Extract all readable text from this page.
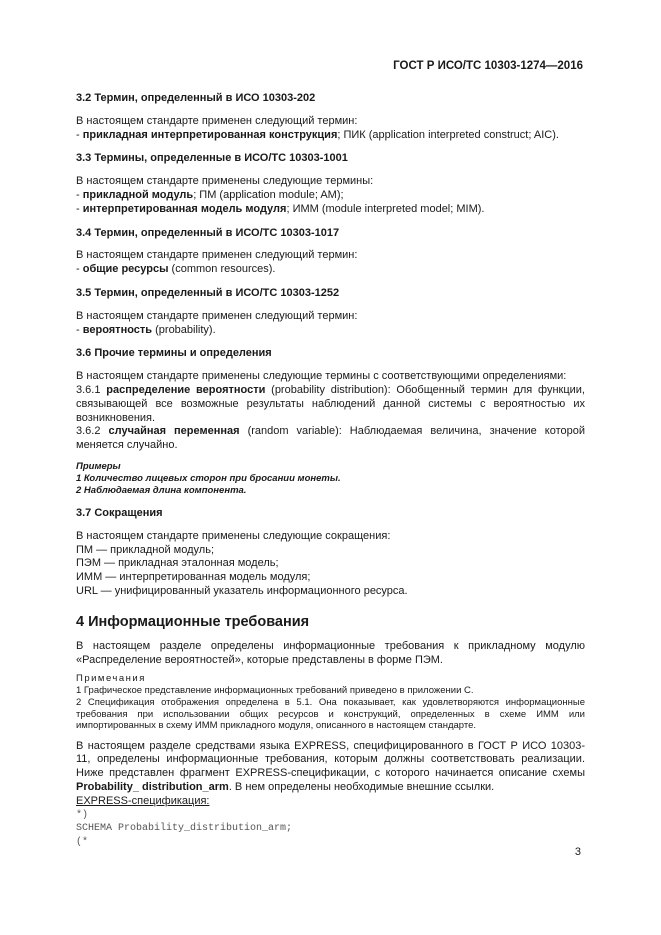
ГОСТ Р ИСО/ТС 10303-1274—2016

3.2 Термин, определенный в ИСО 10303-202

В настоящем стандарте применен следующий термин:

- прикладная интерпретированная конструкция; ПИК (application interpreted construct; AIC).

3.3 Термины, определенные в ИСО/ТС 10303-1001

В настоящем стандарте применены следующие термины:

- прикладной модуль; ПМ (application module; AM);

- интерпретированная модель модуля; ИММ (module interpreted model; MIM).

3.4 Термин, определенный в ИСО/ТС 10303-1017

В настоящем стандарте применен следующий термин:

- общие ресурсы (common resources).

3.5 Термин, определенный в ИСО/ТС 10303-1252

В настоящем стандарте применен следующий термин:

- вероятность (probability).

3.6 Прочие термины и определения

В настоящем стандарте применены следующие термины с соответствующими определениями:

3.6.1 распределение вероятности (probability distribution): Обобщенный термин для функции, связывающей все возможные результаты наблюдений данной системы с вероятностью их возникновения.

3.6.2 случайная переменная (random variable): Наблюдаемая величина, значение которой меняется случайно.

Примеры

1 Количество лицевых сторон при бросании монеты.

2 Наблюдаемая длина компонента.

3.7 Сокращения

В настоящем стандарте применены следующие сокращения:

ПМ — прикладной модуль;

ПЭМ — прикладная эталонная модель;

ИММ — интерпретированная модель модуля;

URL — унифицированный указатель информационного ресурса.

4 Информационные требования

В настоящем разделе определены информационные требования к прикладному модулю «Распределение вероятностей», которые представлены в форме ПЭМ.

Примечания

1 Графическое представление информационных требований приведено в приложении С.

2 Спецификация отображения определена в 5.1. Она показывает, как удовлетворяются информационные требования при использовании общих ресурсов и конструкций, определенных в схеме ИММ или импортированных в схему ИММ прикладного модуля, описанного в настоящем стандарте.

В настоящем разделе средствами языка EXPRESS, специфицированного в ГОСТ Р ИСО 10303-11, определены информационные требования, которым должны соответствовать реализации. Ниже представлен фрагмент EXPRESS-спецификации, с которого начинается описание схемы Probability_ distribution_arm. В нем определены необходимые внешние ссылки.

EXPRESS-спецификация:

*)
SCHEMA Probability_distribution_arm;
(*
3
